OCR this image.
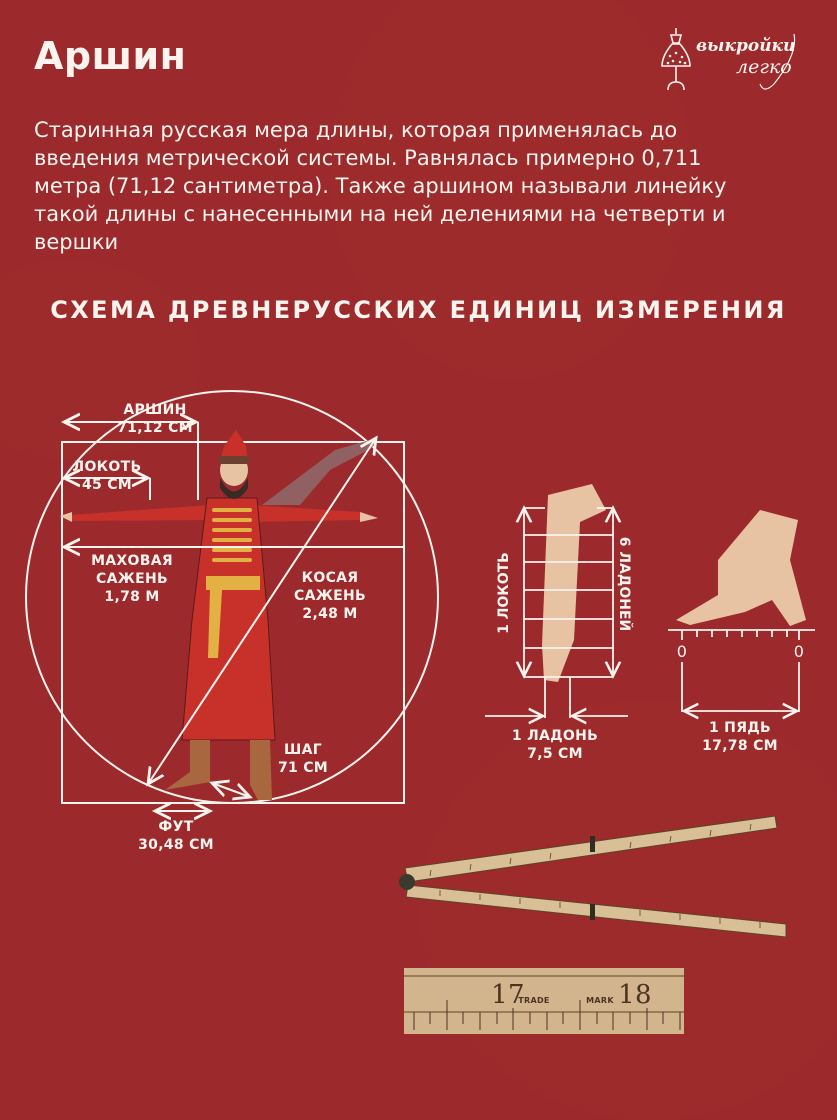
Аршин	выкройки
легко
Старинная русская мера длины, которая применялась до введения метрической системы. Равнялась примерно 0,711 метра (71,12 сантиметра). Также аршином называли линейку такой длины с нанесенными на ней делениями на четверти и вершки
СХЕМА ДРЕВНЕРУССКИХ ЕДИНИЦ ИЗМЕРЕНИЯ
АРШИН
71,12 СМ
ЛОКОТЬ
45 СМ
МАХОВАЯ
САЖЕНЬ
1,78 М
КОСАЯ
САЖЕНЬ
2,48 М
ШАГ
71 СМ
ФУТ
30,48 СМ
1 ЛОКОТЬ	6 ЛАДОНЕЙ
1 ЛАДОНЬ
7,5 СМ
0	0
1 ПЯДЬ
17,78 СМ
17	18
TRADE	MARK
